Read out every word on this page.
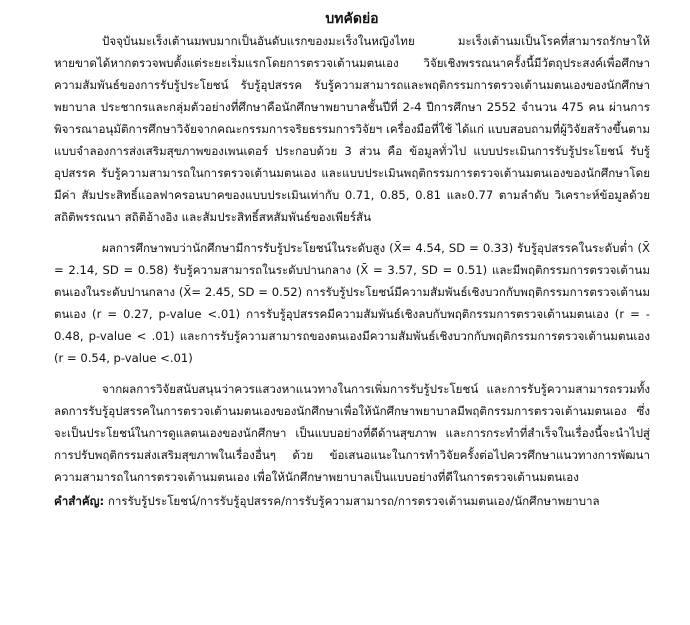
บทคัดย่อ

ปัจจุบันมะเร็งเต้านมพบมากเป็นอันดับแรกของมะเร็งในหญิงไทย มะเร็งเต้านมเป็นโรคที่สามารถรักษาให้หายขาดได้หากตรวจพบตั้งแต่ระยะเริ่มแรกโดยการตรวจเต้านมตนเอง วิจัยเชิงพรรณนาครั้งนี้มีวัตถุประสงค์เพื่อศึกษาความสัมพันธ์ของการรับรู้ประโยชน์ รับรู้อุปสรรค รับรู้ความสามารถและพฤติกรรมการตรวจเต้านมตนเองของนักศึกษาพยาบาล ประชากรและกลุ่มตัวอย่างที่ศึกษาคือนักศึกษาพยาบาลชั้นปีที่ 2-4 ปีการศึกษา 2552 จำนวน 475 คน ผ่านการพิจารณาอนุมัติการศึกษาวิจัยจากคณะกรรมการจริยธรรมการวิจัยฯ เครื่องมือที่ใช้ ได้แก่ แบบสอบถามที่ผู้วิจัยสร้างขึ้นตามแบบจำลองการส่งเสริมสุขภาพของเพนเดอร์ ประกอบด้วย 3 ส่วน คือ ข้อมูลทั่วไป แบบประเมินการรับรู้ประโยชน์ รับรู้อุปสรรค รับรู้ความสามารถในการตรวจเต้านมตนเอง และแบบประเมินพฤติกรรมการตรวจเต้านมตนเองของนักศึกษาโดยมีค่า สัมประสิทธิ์แอลฟาครอนบาคของแบบประเมินเท่ากับ 0.71, 0.85, 0.81 และ0.77 ตามลำดับ วิเคราะห์ข้อมูลด้วยสถิติพรรณนา สถิติอ้างอิง และสัมประสิทธิ์สหสัมพันธ์ของเพียร์สัน

ผลการศึกษาพบว่านักศึกษามีการรับรู้ประโยชน์ในระดับสูง (X̄= 4.54, SD = 0.33) รับรู้อุปสรรคในระดับต่ำ (X̄ = 2.14, SD = 0.58) รับรู้ความสามารถในระดับปานกลาง (X̄ = 3.57, SD = 0.51) และมีพฤติกรรมการตรวจเต้านมตนเองในระดับปานกลาง (X̄= 2.45, SD = 0.52) การรับรู้ประโยชน์มีความสัมพันธ์เชิงบวกกับพฤติกรรมการตรวจเต้านมตนเอง (r = 0.27, p-value <.01) การรับรู้อุปสรรคมีความสัมพันธ์เชิงลบกับพฤติกรรมการตรวจเต้านมตนเอง (r = - 0.48, p-value < .01) และการรับรู้ความสามารถของตนเองมีความสัมพันธ์เชิงบวกกับพฤติกรรมการตรวจเต้านมตนเอง (r = 0.54, p-value <.01)

จากผลการวิจัยสนับสนุนว่าควรแสวงหาแนวทางในการเพิ่มการรับรู้ประโยชน์ และการรับรู้ความสามารถรวมทั้งลดการรับรู้อุปสรรคในการตรวจเต้านมตนเองของนักศึกษาเพื่อให้นักศึกษาพยาบาลมีพฤติกรรมการตรวจเต้านมตนเอง ซึ่งจะเป็นประโยชน์ในการดูแลตนเองของนักศึกษา เป็นแบบอย่างที่ดีด้านสุขภาพ และการกระทำที่สำเร็จในเรื่องนี้จะนำไปสู่การปรับพฤติกรรมส่งเสริมสุขภาพในเรื่องอื่นๆ ด้วย ข้อเสนอแนะในการทำวิจัยครั้งต่อไปควรศึกษาแนวทางการพัฒนาความสามารถในการตรวจเต้านมตนเอง เพื่อให้นักศึกษาพยาบาลเป็นแบบอย่างที่ดีในการตรวจเต้านมตนเอง

คำสำคัญ: การรับรู้ประโยชน์/การรับรู้อุปสรรค/การรับรู้ความสามารถ/การตรวจเต้านมตนเอง/นักศึกษาพยาบาล
